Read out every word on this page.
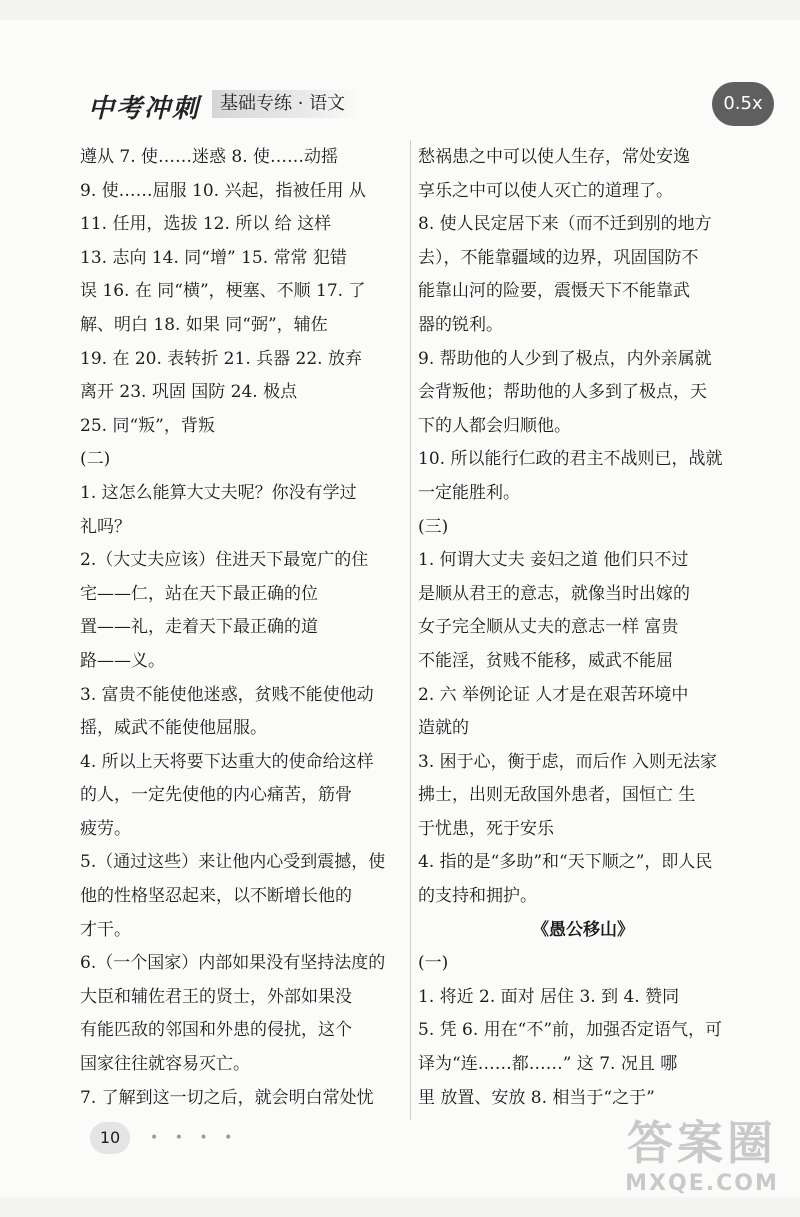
中考冲刺	基础专练 · 语文	0.5x
遵从 7. 使……迷惑 8. 使……动摇
9. 使……屈服 10. 兴起，指被任用 从
11. 任用，选拔 12. 所以 给 这样
13. 志向 14. 同“增” 15. 常常 犯错
误 16. 在 同“横”，梗塞、不顺 17. 了
解、明白 18. 如果 同“弼”，辅佐
19. 在 20. 表转折 21. 兵器 22. 放弃
离开 23. 巩固 国防 24. 极点
25. 同“叛”，背叛
(二)
1. 这怎么能算大丈夫呢？你没有学过
礼吗？
2.（大丈夫应该）住进天下最宽广的住
宅——仁，站在天下最正确的位
置——礼，走着天下最正确的道
路——义。
3. 富贵不能使他迷惑，贫贱不能使他动
摇，威武不能使他屈服。
4. 所以上天将要下达重大的使命给这样
的人，一定先使他的内心痛苦，筋骨
疲劳。
5.（通过这些）来让他内心受到震撼，使
他的性格坚忍起来，以不断增长他的
才干。
6.（一个国家）内部如果没有坚持法度的
大臣和辅佐君王的贤士，外部如果没
有能匹敌的邻国和外患的侵扰，这个
国家往往就容易灭亡。
7. 了解到这一切之后，就会明白常处忧
愁祸患之中可以使人生存，常处安逸
享乐之中可以使人灭亡的道理了。
8. 使人民定居下来（而不迁到别的地方
去），不能靠疆域的边界，巩固国防不
能靠山河的险要，震慑天下不能靠武
器的锐利。
9. 帮助他的人少到了极点，内外亲属就
会背叛他；帮助他的人多到了极点，天
下的人都会归顺他。
10. 所以能行仁政的君主不战则已，战就
一定能胜利。
(三)
1. 何谓大丈夫 妾妇之道 他们只不过
是顺从君王的意志，就像当时出嫁的
女子完全顺从丈夫的意志一样 富贵
不能淫，贫贱不能移，威武不能屈
2. 六 举例论证 人才是在艰苦环境中
造就的
3. 困于心，衡于虑，而后作 入则无法家
拂士，出则无敌国外患者，国恒亡 生
于忧患，死于安乐
4. 指的是“多助”和“天下顺之”，即人民
的支持和拥护。
《愚公移山》
(一)
1. 将近 2. 面对 居住 3. 到 4. 赞同
5. 凭 6. 用在“不”前，加强否定语气，可
译为“连……都……” 这 7. 况且 哪
里 放置、安放 8. 相当于“之于”
10	• • • •	答案圈
MXQE.COM
